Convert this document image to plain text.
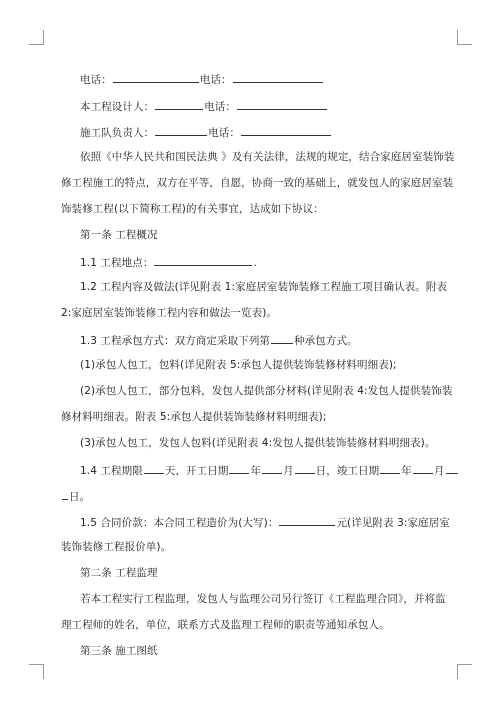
电话：	电话：
本工程设计人：	电话：
施工队负责人：	电话：
依照《中华人民共和国民法典 》及有关法律，法规的规定，结合家庭居室装饰装
修工程施工的特点，双方在平等，自愿，协商一致的基础上，就发包人的家庭居室装
饰装修工程(以下简称工程)的有关事宜，达成如下协议：
第一条 工程概况
1.1 工程地点：	.
1.2 工程内容及做法(详见附表 1:家庭居室装饰装修工程施工项目确认表。附表
2:家庭居室装饰装修工程内容和做法一览表)。
1.3 工程承包方式：双方商定采取下列第 种承包方式。
(1)承包人包工，包料(详见附表 5:承包人提供装饰装修材料明细表);
(2)承包人包工，部分包料，发包人提供部分材料(详见附表 4:发包人提供装饰装
修材料明细表。附表 5:承包人提供装饰装修材料明细表);
(3)承包人包工，发包人包料(详见附表 4:发包人提供装饰装修材料明细表)。
1.4 工程期限 天，开工日期 年 月 日，竣工日期 年 月
日。
1.5 合同价款：本合同工程造价为(大写)：	元(详见附表 3:家庭居室
装饰装修工程报价单)。
第二条 工程监理
若本工程实行工程监理，发包人与监理公司另行签订《工程监理合同》，并将监
理工程师的姓名，单位，联系方式及监理工程师的职责等通知承包人。
第三条 施工图纸
